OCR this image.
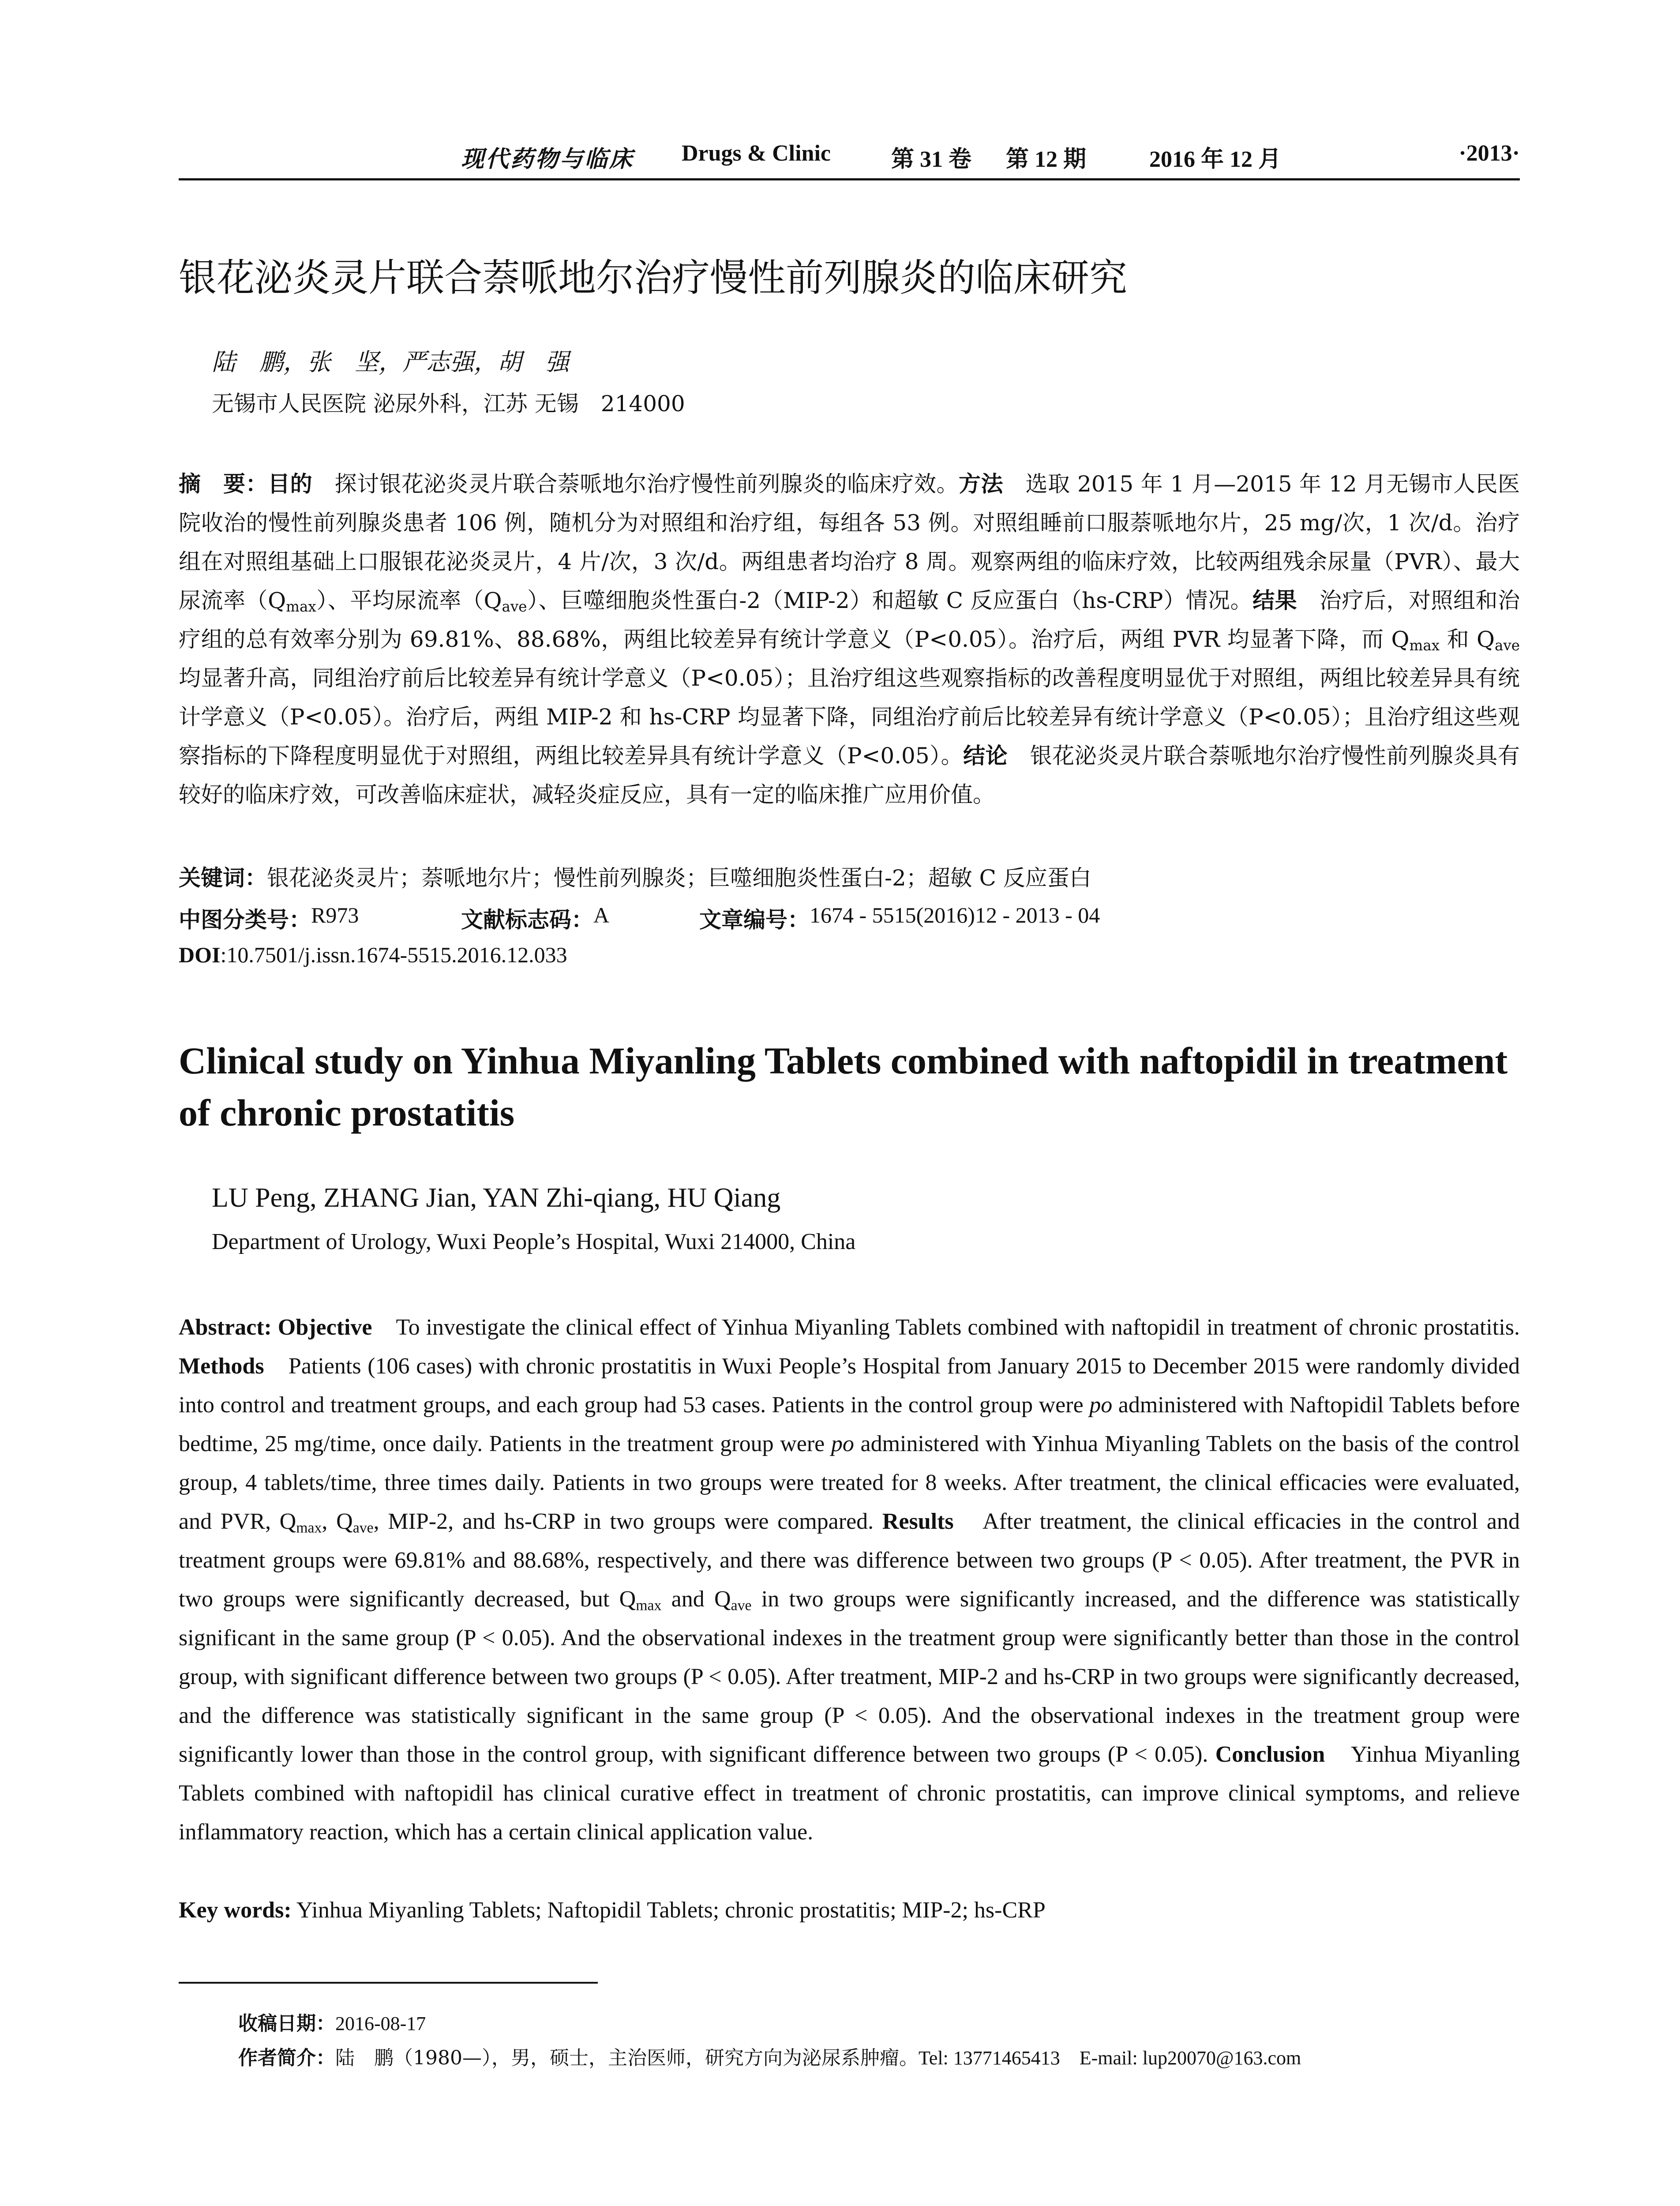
现代药物与临床 Drugs & Clinic	第 31 卷 第 12 期	2016 年 12 月	·2013·
银花泌炎灵片联合萘哌地尔治疗慢性前列腺炎的临床研究
陆　鹏，张　坚，严志强，胡　强
无锡市人民医院 泌尿外科，江苏 无锡　214000
摘　要：目的　探讨银花泌炎灵片联合萘哌地尔治疗慢性前列腺炎的临床疗效。方法　选取 2015 年 1 月—2015 年 12 月无锡市人民医院收治的慢性前列腺炎患者 106 例，随机分为对照组和治疗组，每组各 53 例。对照组睡前口服萘哌地尔片，25 mg/次，1 次/d。治疗组在对照组基础上口服银花泌炎灵片，4 片/次，3 次/d。两组患者均治疗 8 周。观察两组的临床疗效，比较两组残余尿量（PVR）、最大尿流率$(Q_{max})$、平均尿流率$(Q_{ave})$、巨噬细胞炎性蛋白-2（MIP-2）和超敏 C 反应蛋白（hs-CRP）情况。结果　治疗后，对照组和治疗组的总有效率分别为 69.81%、88.68%，两组比较差异有统计学意义（P<0.05）。治疗后，两组 PVR 均显著下降，而 $Q_{max}$ 和 $Q_{ave}$ 均显著升高，同组治疗前后比较差异有统计学意义（P<0.05）；且治疗组这些观察指标的改善程度明显优于对照组，两组比较差异具有统计学意义（P<0.05）。治疗后，两组 MIP-2 和 hs-CRP 均显著下降，同组治疗前后比较差异有统计学意义（P<0.05）；且治疗组这些观察指标的下降程度明显优于对照组，两组比较差异具有统计学意义（P<0.05）。结论　银花泌炎灵片联合萘哌地尔治疗慢性前列腺炎具有较好的临床疗效，可改善临床症状，减轻炎症反应，具有一定的临床推广应用价值。
关键词：银花泌炎灵片；萘哌地尔片；慢性前列腺炎；巨噬细胞炎性蛋白-2；超敏 C 反应蛋白
中图分类号： R973	文献标志码： A	文章编号： 1674 - 5515(2016)12 - 2013 - 04
DOI:10.7501/j.issn.1674-5515.2016.12.033
Clinical study on Yinhua Miyanling Tablets combined with naftopidil in treatment of chronic prostatitis
LU Peng, ZHANG Jian, YAN Zhi-qiang, HU Qiang
Department of Urology, Wuxi People’s Hospital, Wuxi 214000, China
Abstract: Objective　To investigate the clinical effect of Yinhua Miyanling Tablets combined with naftopidil in treatment of chronic prostatitis. Methods　Patients (106 cases) with chronic prostatitis in Wuxi People’s Hospital from January 2015 to December 2015 were randomly divided into control and treatment groups, and each group had 53 cases. Patients in the control group were po administered with Naftopidil Tablets before bedtime, 25 mg/time, once daily. Patients in the treatment group were po administered with Yinhua Miyanling Tablets on the basis of the control group, 4 tablets/time, three times daily. Patients in two groups were treated for 8 weeks. After treatment, the clinical efficacies were evaluated, and PVR, $Q_{max}$, $Q_{ave}$, MIP-2, and hs-CRP in two groups were compared. Results　After treatment, the clinical efficacies in the control and treatment groups were 69.81% and 88.68%, respectively, and there was difference between two groups (P < 0.05). After treatment, the PVR in two groups were significantly decreased, but $Q_{max}$ and $Q_{ave}$ in two groups were significantly increased, and the difference was statistically significant in the same group (P < 0.05). And the observational indexes in the treatment group were significantly better than those in the control group, with significant difference between two groups (P < 0.05). After treatment, MIP-2 and hs-CRP in two groups were significantly decreased, and the difference was statistically significant in the same group (P < 0.05). And the observational indexes in the treatment group were significantly lower than those in the control group, with significant difference between two groups (P < 0.05). Conclusion　Yinhua Miyanling Tablets combined with naftopidil has clinical curative effect in treatment of chronic prostatitis, can improve clinical symptoms, and relieve inflammatory reaction, which has a certain clinical application value.
Key words: Yinhua Miyanling Tablets; Naftopidil Tablets; chronic prostatitis; MIP-2; hs-CRP
收稿日期：2016-08-17
作者简介：陆　鹏（1980—），男，硕士，主治医师，研究方向为泌尿系肿瘤。Tel: 13771465413　E-mail: lup20070@163.com
